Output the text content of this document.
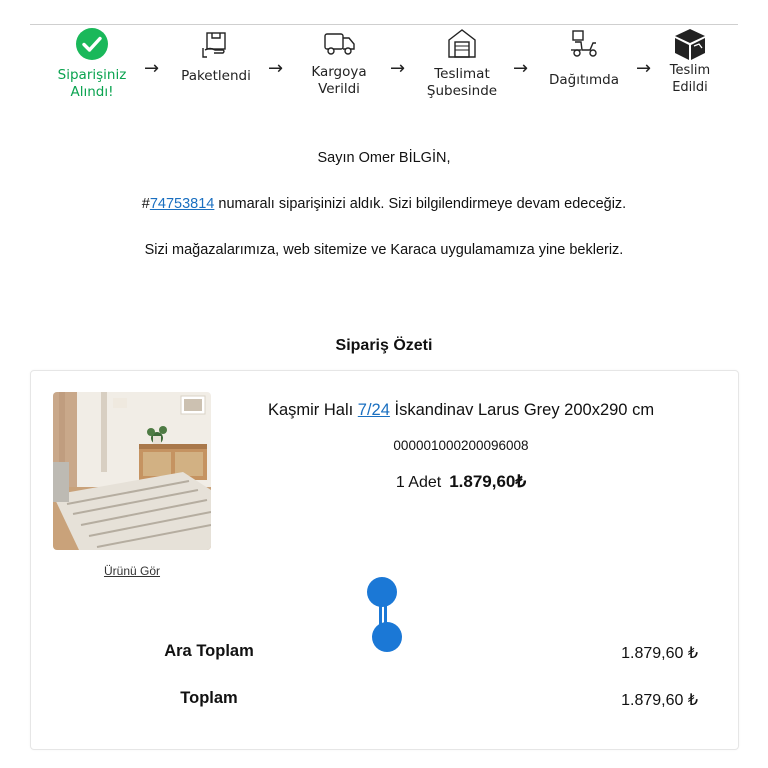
Siparişiniz Alındı!
→	Paketlendi →	Kargoya Verildi
→	Teslimat Şubesinde
→
Dağıtımda
→	Teslim Edildi
Sayın Omer BİLGİN,
#74753814 numaralı siparişinizi aldık. Sizi bilgilendirmeye devam edeceğiz.
Sizi mağazalarımıza, web sitemize ve Karaca uygulamamıza yine bekleriz.
Sipariş Özeti
Ürünü Gör
Kaşmir Halı 7/24 İskandinav Larus Grey 200x290 cm
000001000200096008
1 Adet 1.879,60₺
Ara Toplam	1.879,60 ₺
Toplam	1.879,60 ₺
